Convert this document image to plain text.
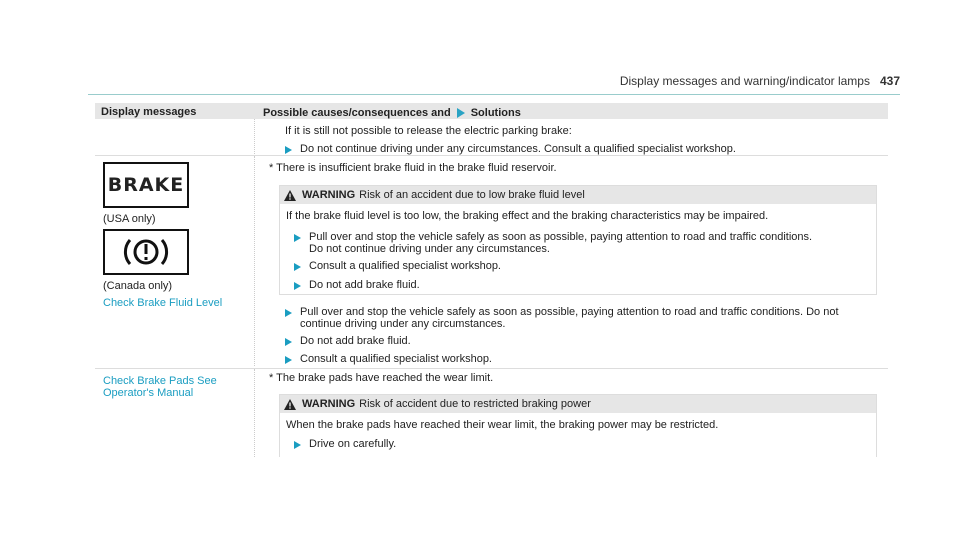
Display messages and warning/indicator lamps 437
Display messages	Possible causes/consequences and Solutions
If it is still not possible to release the electric parking brake:
Do not continue driving under any circumstances. Consult a qualified specialist workshop.
BRAKE
(USA only)
(Canada only)
Check Brake Fluid Level
* There is insufficient brake fluid in the brake fluid reservoir.
WARNING Risk of an accident due to low brake fluid level
If the brake fluid level is too low, the braking effect and the braking characteristics may be impaired.
Pull over and stop the vehicle safely as soon as possible, paying attention to road and traffic conditions.
Do not continue driving under any circumstances.
Consult a qualified specialist workshop.
Do not add brake fluid.
Pull over and stop the vehicle safely as soon as possible, paying attention to road and traffic conditions. Do not
continue driving under any circumstances.
Do not add brake fluid.
Consult a qualified specialist workshop.
Check Brake Pads See
Operator's Manual
* The brake pads have reached the wear limit.
WARNING Risk of accident due to restricted braking power
When the brake pads have reached their wear limit, the braking power may be restricted.
Drive on carefully.
